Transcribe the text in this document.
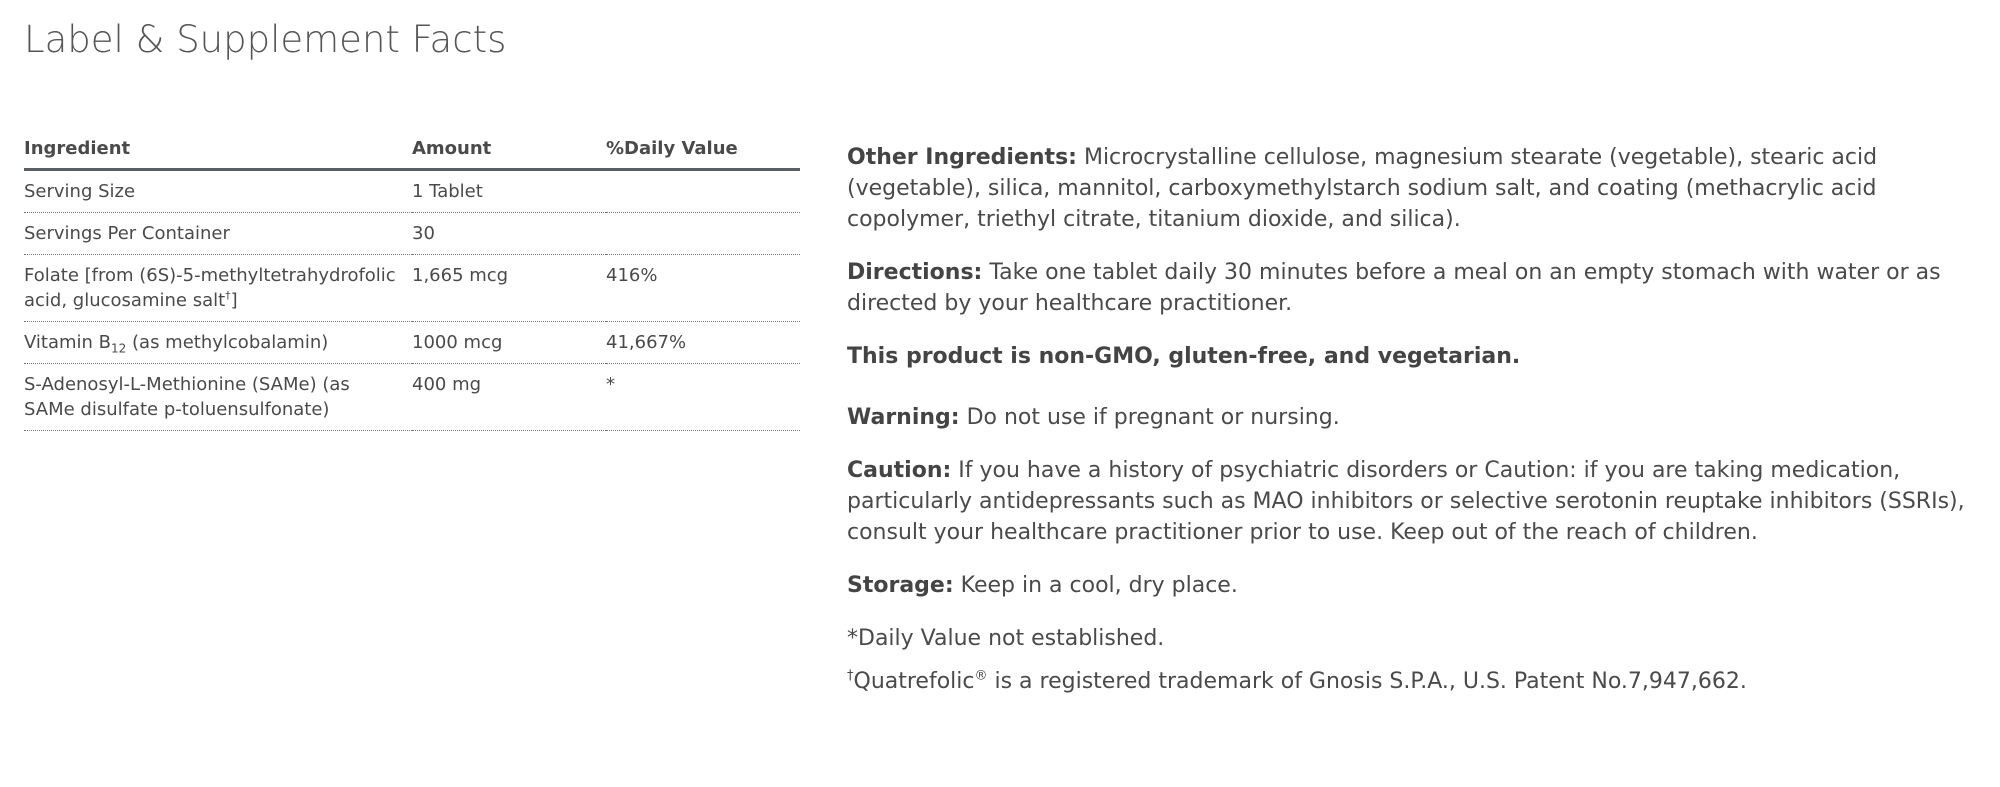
Label & Supplement Facts
Ingredient	Amount	%Daily Value
Serving Size	1 Tablet	
Servings Per Container	30	
Folate [from (6S)-5-methyltetrahydrofolic acid, glucosamine salt†]	1,665 mcg	416%
Vitamin $B_{12}$ (as methylcobalamin)	1000 mcg	41,667%
S-Adenosyl-L-Methionine (SAMe) (as SAMe disulfate p-toluensulfonate)	400 mg	*

Other Ingredients: Microcrystalline cellulose, magnesium stearate (vegetable), stearic acid (vegetable), silica, mannitol, carboxymethylstarch sodium salt, and coating (methacrylic acid copolymer, triethyl citrate, titanium dioxide, and silica).

Directions: Take one tablet daily 30 minutes before a meal on an empty stomach with water or as directed by your healthcare practitioner.

This product is non-GMO, gluten-free, and vegetarian.

Warning: Do not use if pregnant or nursing.

Caution: If you have a history of psychiatric disorders or Caution: if you are taking medication, particularly antidepressants such as MAO inhibitors or selective serotonin reuptake inhibitors (SSRIs), consult your healthcare practitioner prior to use. Keep out of the reach of children.

Storage: Keep in a cool, dry place.

*Daily Value not established.

†Quatrefolic® is a registered trademark of Gnosis S.P.A., U.S. Patent No.7,947,662.
